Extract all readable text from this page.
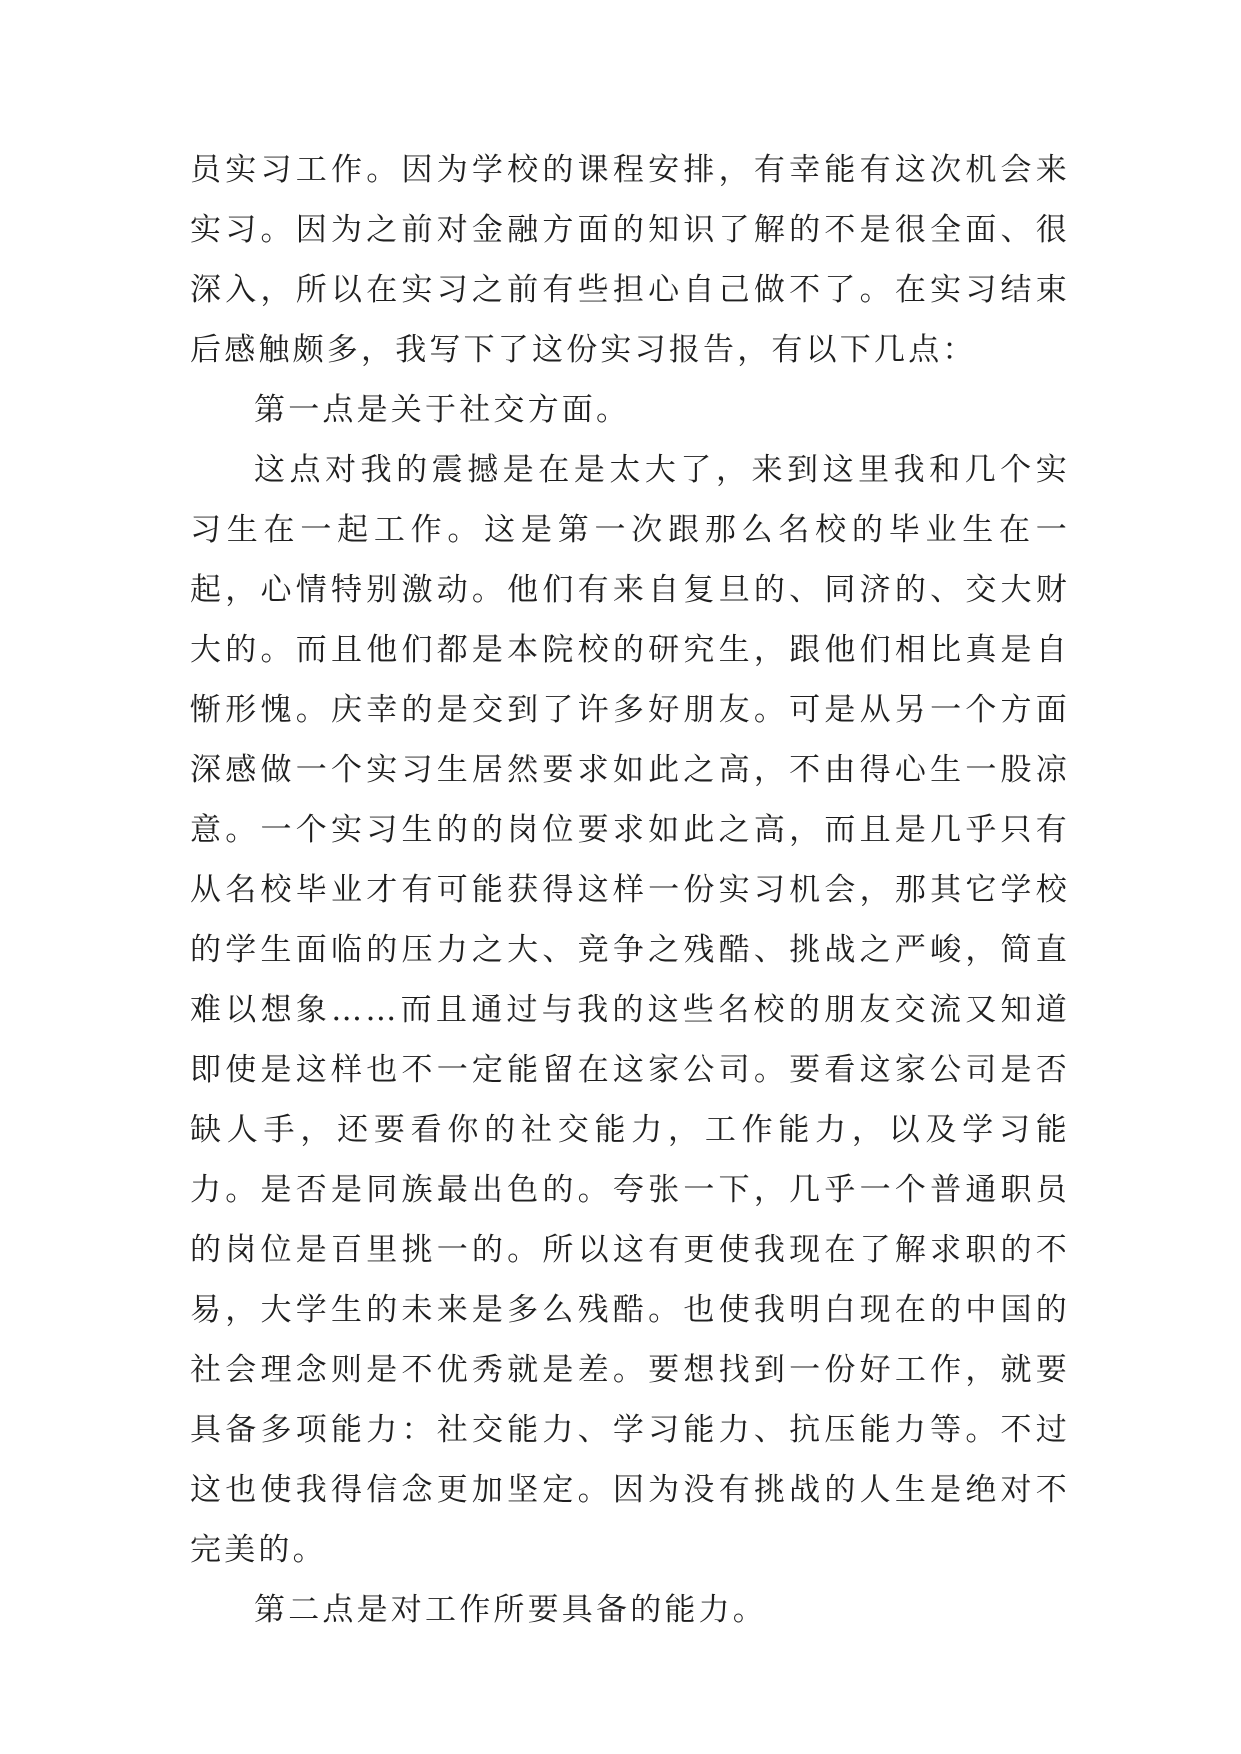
员实习工作。因为学校的课程安排，有幸能有这次机会来实习。因为之前对金融方面的知识了解的不是很全面、很深入，所以在实习之前有些担心自己做不了。在实习结束后感触颇多，我写下了这份实习报告，有以下几点：

第一点是关于社交方面。

这点对我的震撼是在是太大了，来到这里我和几个实习生在一起工作。这是第一次跟那么名校的毕业生在一起，心情特别激动。他们有来自复旦的、同济的、交大财大的。而且他们都是本院校的研究生，跟他们相比真是自惭形愧。庆幸的是交到了许多好朋友。可是从另一个方面深感做一个实习生居然要求如此之高，不由得心生一股凉意。一个实习生的的岗位要求如此之高，而且是几乎只有从名校毕业才有可能获得这样一份实习机会，那其它学校的学生面临的压力之大、竞争之残酷、挑战之严峻，简直难以想象……而且通过与我的这些名校的朋友交流又知道即使是这样也不一定能留在这家公司。要看这家公司是否缺人手，还要看你的社交能力，工作能力，以及学习能力。是否是同族最出色的。夸张一下，几乎一个普通职员的岗位是百里挑一的。所以这有更使我现在了解求职的不易，大学生的未来是多么残酷。也使我明白现在的中国的社会理念则是不优秀就是差。要想找到一份好工作，就要具备多项能力：社交能力、学习能力、抗压能力等。不过这也使我得信念更加坚定。因为没有挑战的人生是绝对不完美的。

第二点是对工作所要具备的能力。
